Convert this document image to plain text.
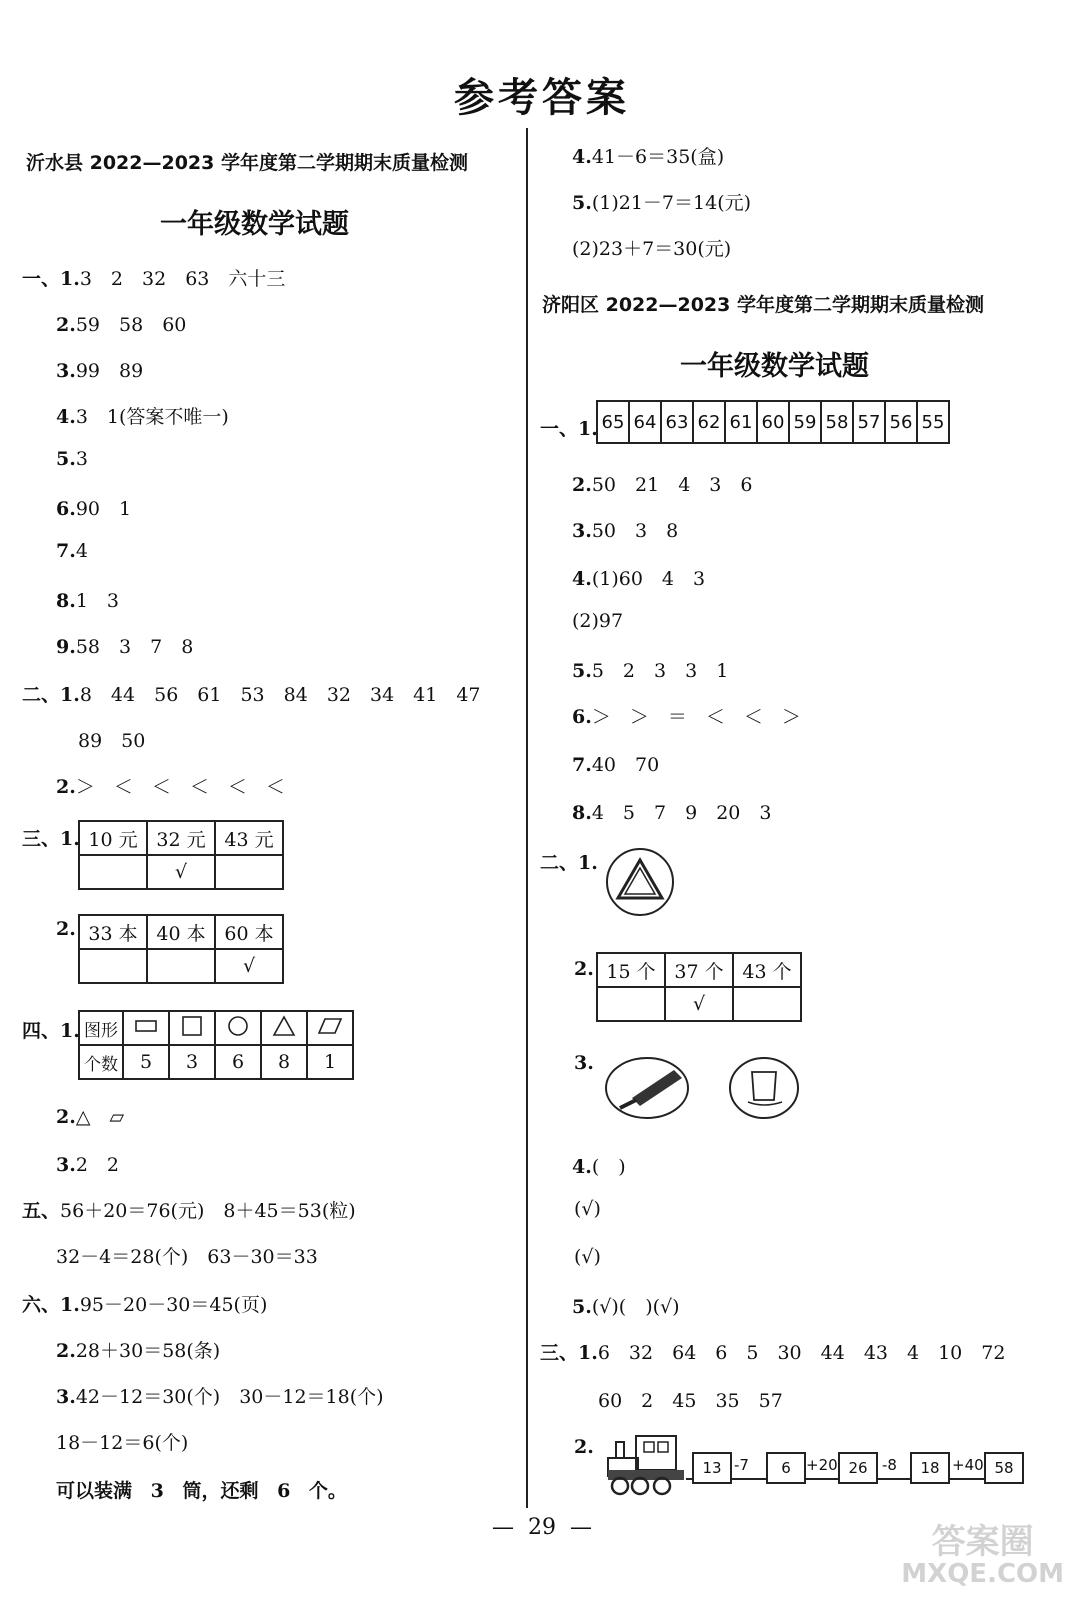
参考答案
沂水县 2022—2023 学年度第二学期期末质量检测
一年级数学试题
一、1.3　2　32　63　六十三
2.59　58　60
3.99　89
4.3　1(答案不唯一)
5.3
6.90　1
7.4
8.1　3
9.58　3　7　8
二、1.8　44　56　61　53　84　32　34　41　47
89　50
2.＞　＜　＜　＜　＜　＜
三、1. 10 元	32 元	43 元
	√	
2. 33 本	40 本	60 本
		√
四、1. 图形					
个数	5	3	6	8	1
2.△　▱
3.2　2
五、56＋20＝76(元)　8＋45＝53(粒)
32－4＝28(个)　63－30＝33
六、1.95－20－30＝45(页)
2.28＋30＝58(条)
3.42－12＝30(个)　30－12＝18(个)
18－12＝6(个)
可以装满 3 筒，还剩 6 个。
4.41－6＝35(盒)
5.(1)21－7＝14(元)
(2)23＋7＝30(元)
济阳区 2022—2023 学年度第二学期期末质量检测
一年级数学试题
一、1. 65	64	63	62	61	60	59	58	57	56	55
2.50　21　4　3　6
3.50　3　8
4.(1)60　4　3
(2)97
5.5　2　3　3　1
6.＞　＞　＝　＜　＜　＞
7.40　70
8.4　5　7　9　20　3
二、1.
2. 15 个	37 个	43 个
	√	
3.
4.(　)
(√)
(√)
5.(√)(　)(√)
三、1.6　32　64　6　5　30　44　43　4　10　72
60　2　45　35　57
2.
13 -7	6	+20 26 -8	18 +40 58
— 29 —	答案圈
MXQE.COM
